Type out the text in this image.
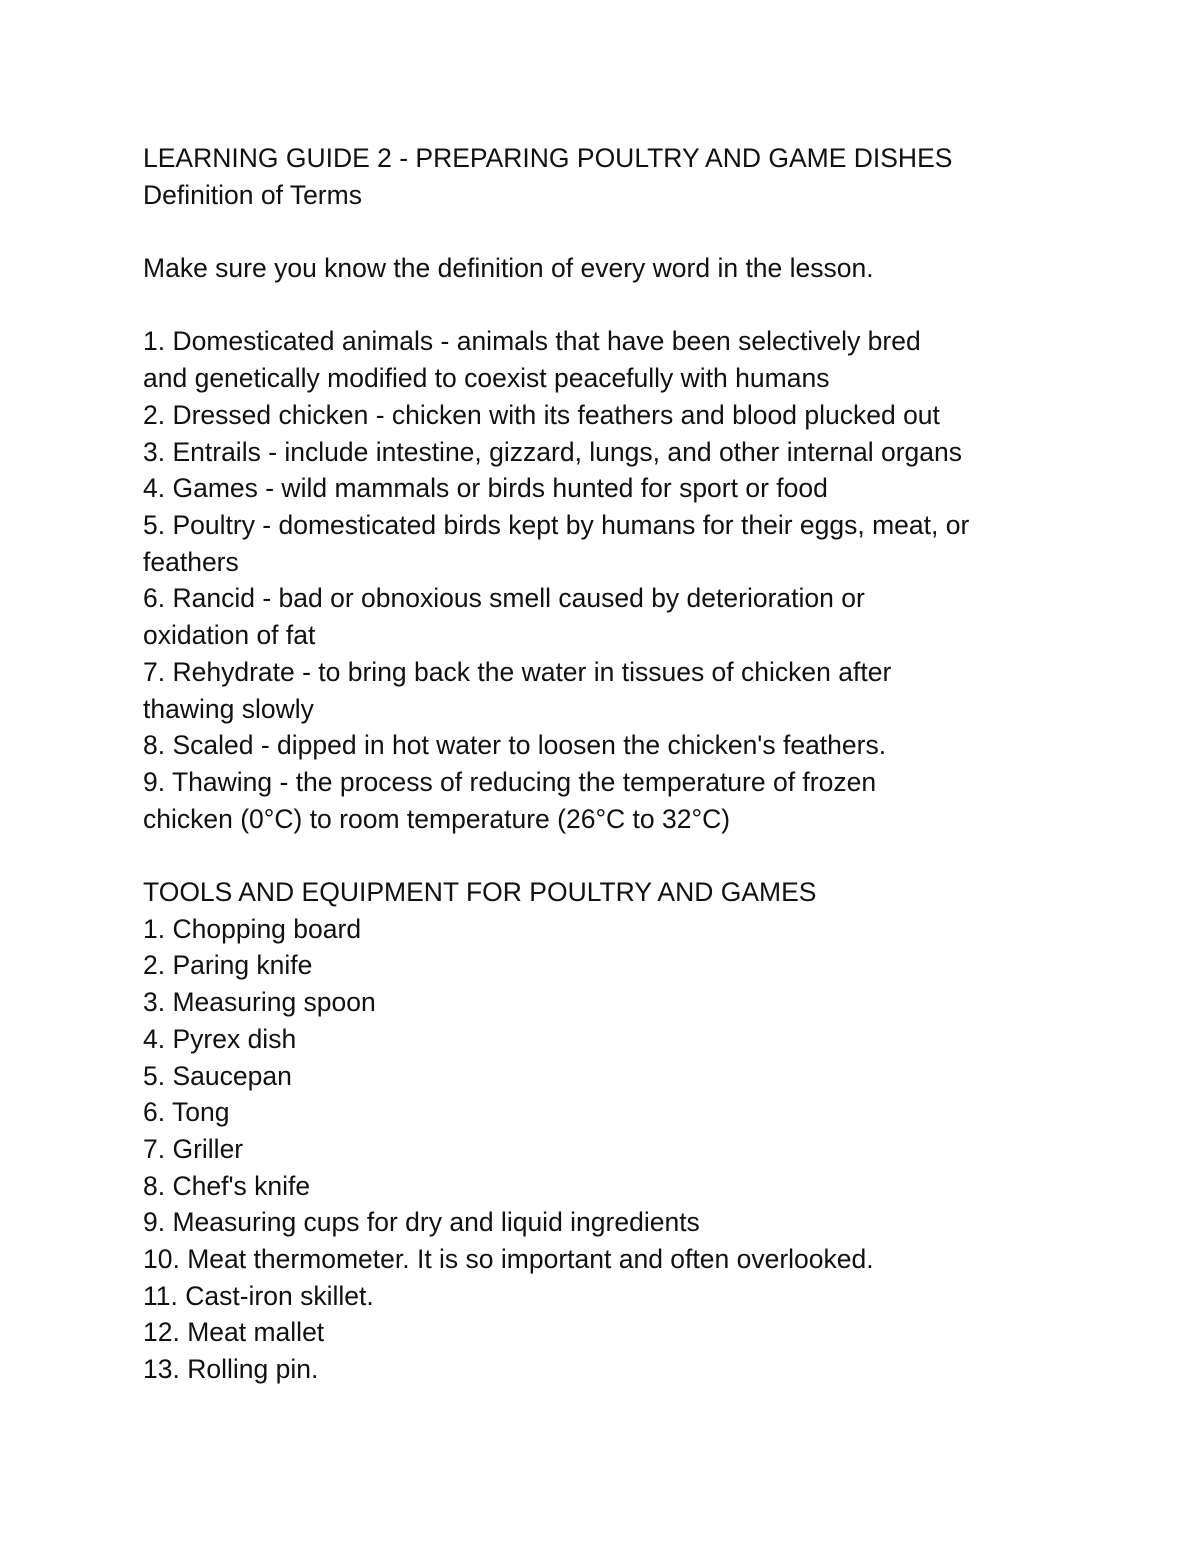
LEARNING GUIDE 2 - PREPARING POULTRY AND GAME DISHES
Definition of Terms
Make sure you know the definition of every word in the lesson.
1. Domesticated animals - animals that have been selectively bred
and genetically modified to coexist peacefully with humans
2. Dressed chicken - chicken with its feathers and blood plucked out
3. Entrails - include intestine, gizzard, lungs, and other internal organs
4. Games - wild mammals or birds hunted for sport or food
5. Poultry - domesticated birds kept by humans for their eggs, meat, or
feathers
6. Rancid - bad or obnoxious smell caused by deterioration or
oxidation of fat
7. Rehydrate - to bring back the water in tissues of chicken after
thawing slowly
8. Scaled - dipped in hot water to loosen the chicken's feathers.
9. Thawing - the process of reducing the temperature of frozen
chicken (0°C) to room temperature (26°C to 32°C)
TOOLS AND EQUIPMENT FOR POULTRY AND GAMES
1. Chopping board
2. Paring knife
3. Measuring spoon
4. Pyrex dish
5. Saucepan
6. Tong
7. Griller
8. Chef's knife
9. Measuring cups for dry and liquid ingredients
10. Meat thermometer. It is so important and often overlooked.
11. Cast-iron skillet.
12. Meat mallet
13. Rolling pin.
